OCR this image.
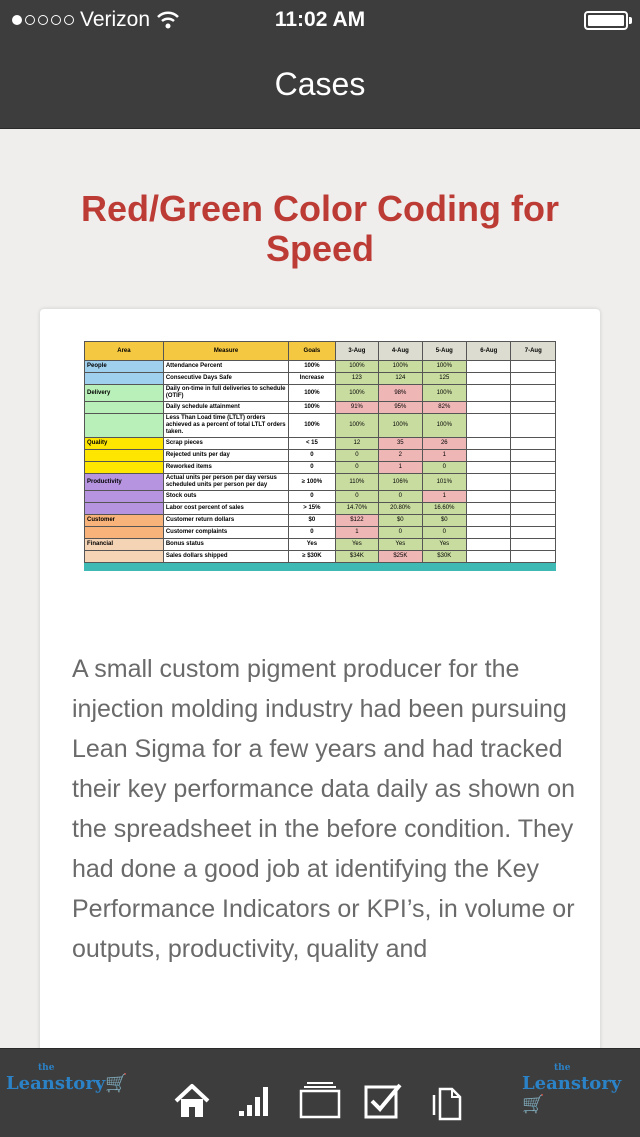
Verizon	11:02 AM
Cases
Red/Green Color Coding for Speed
Area	Measure	Goals	3-Aug	4-Aug	5-Aug	6-Aug	7-Aug
People	Attendance Percent	100%	100%	100%	100%		
	Consecutive Days Safe	Increase	123	124	125		
Delivery	Daily on-time in full deliveries to schedule (OTIF)	100%	100%	98%	100%		
	Daily schedule attainment	100%	91%	95%	82%		
	Less Than Load time (LTLT) orders achieved as a percent of total LTLT orders taken.	100%	100%	100%	100%		
Quality	Scrap pieces	< 15	12	35	26		
	Rejected units per day	0	0	2	1		
	Reworked items	0	0	1	0		
Productivity	Actual units per person per day versus scheduled units per person per day	≥ 100%	110%	106%	101%		
	Stock outs	0	0	0	1		
	Labor cost percent of sales	> 15%	14.70%	20.80%	16.60%		
Customer	Customer return dollars	$0	$122	$0	$0		
	Customer complaints	0	1	0	0		
Financial	Bonus status	Yes	Yes	Yes	Yes		
	Sales dollars shipped	≥ $30K	$34K	$25K	$30K		
A small custom pigment producer for the injection molding industry had been pursuing Lean Sigma for a few years and had tracked their key performance data daily as shown on the spreadsheet in the before condition. They had done a good job at identifying the Key Performance Indicators or KPI’s, in volume or outputs, productivity, quality and
the
Leanstory🛒
the
Leanstory🛒
